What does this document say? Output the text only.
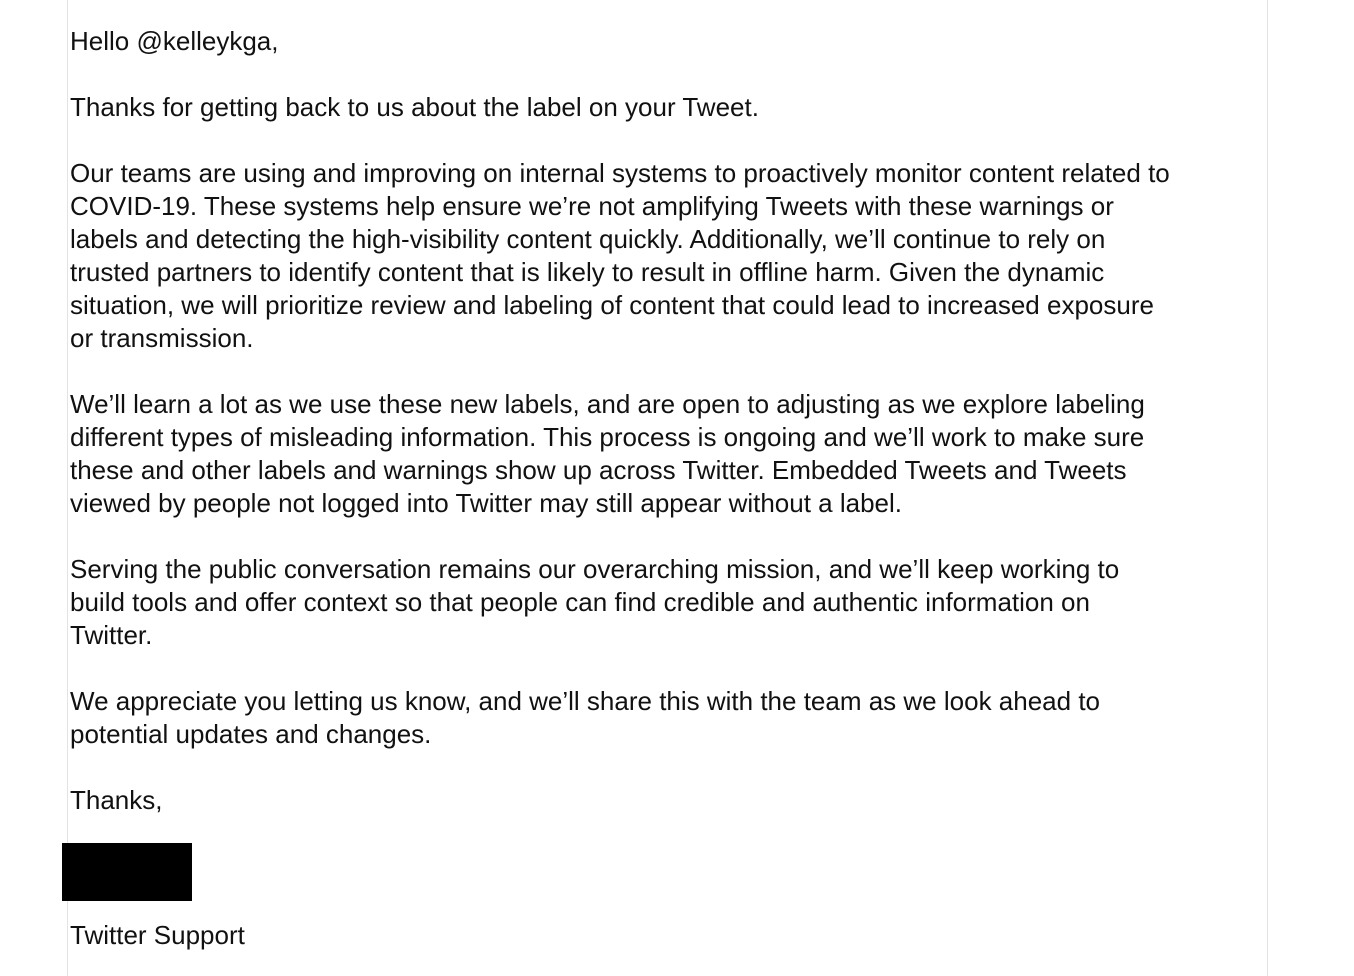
Hello @kelleykga,

Thanks for getting back to us about the label on your Tweet.

Our teams are using and improving on internal systems to proactively monitor content related to
COVID-19. These systems help ensure we’re not amplifying Tweets with these warnings or
labels and detecting the high-visibility content quickly. Additionally, we’ll continue to rely on
trusted partners to identify content that is likely to result in offline harm. Given the dynamic
situation, we will prioritize review and labeling of content that could lead to increased exposure
or transmission.

We’ll learn a lot as we use these new labels, and are open to adjusting as we explore labeling
different types of misleading information. This process is ongoing and we’ll work to make sure
these and other labels and warnings show up across Twitter. Embedded Tweets and Tweets
viewed by people not logged into Twitter may still appear without a label.

Serving the public conversation remains our overarching mission, and we’ll keep working to
build tools and offer context so that people can find credible and authentic information on
Twitter.

We appreciate you letting us know, and we’ll share this with the team as we look ahead to
potential updates and changes.

Thanks,

Twitter Support
